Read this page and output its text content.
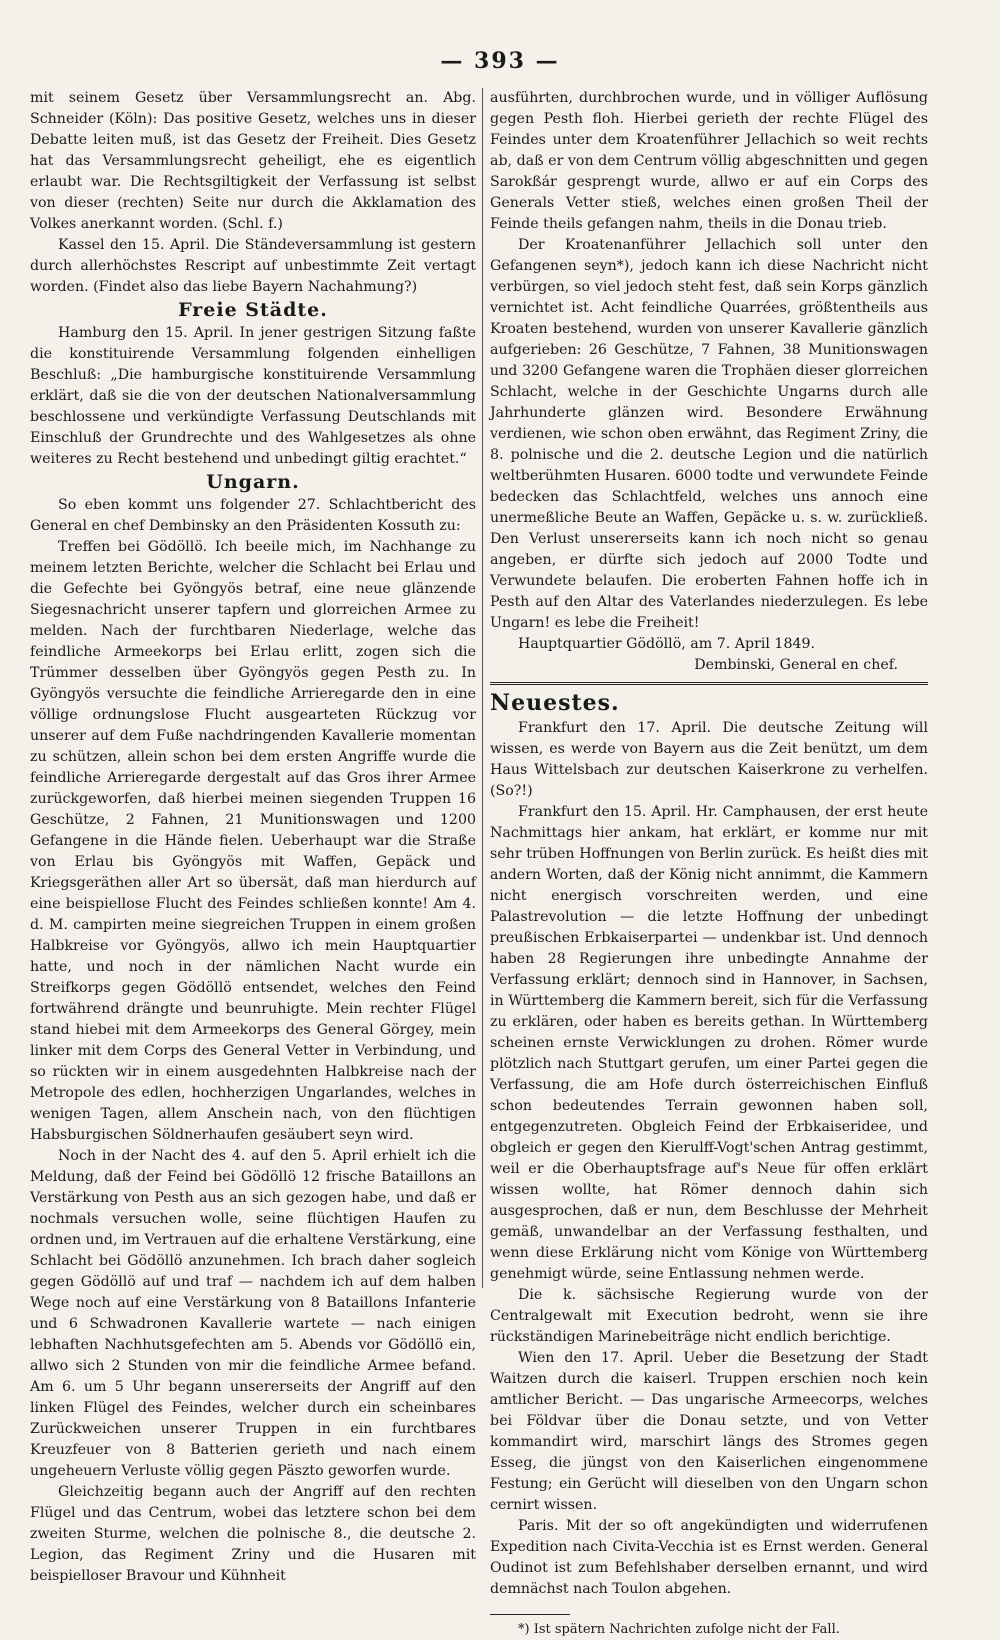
— 393 —

mit seinem Gesetz über Versammlungsrecht an. Abg. Schneider (Köln): Das positive Gesetz, welches uns in dieser Debatte leiten muß, ist das Gesetz der Freiheit. Dies Gesetz hat das Versammlungsrecht geheiligt, ehe es eigentlich erlaubt war. Die Rechtsgiltigkeit der Verfassung ist selbst von dieser (rechten) Seite nur durch die Akklamation des Volkes anerkannt worden. (Schl. f.)

Kassel den 15. April. Die Ständeversammlung ist gestern durch allerhöchstes Rescript auf unbestimmte Zeit vertagt worden. (Findet also das liebe Bayern Nachahmung?)

Freie Städte.

Hamburg den 15. April. In jener gestrigen Sitzung faßte die konstituirende Versammlung folgenden einhelligen Beschluß: „Die hamburgische konstituirende Versammlung erklärt, daß sie die von der deutschen Nationalversammlung beschlossene und verkündigte Verfassung Deutschlands mit Einschluß der Grundrechte und des Wahlgesetzes als ohne weiteres zu Recht bestehend und unbedingt giltig erachtet.“

Ungarn.

So eben kommt uns folgender 27. Schlachtbericht des General en chef Dembinsky an den Präsidenten Kossuth zu:

Treffen bei Gödöllö. Ich beeile mich, im Nachhange zu meinem letzten Berichte, welcher die Schlacht bei Erlau und die Gefechte bei Gyöngyös betraf, eine neue glänzende Siegesnachricht unserer tapfern und glorreichen Armee zu melden. Nach der furchtbaren Niederlage, welche das feindliche Armeekorps bei Erlau erlitt, zogen sich die Trümmer desselben über Gyöngyös gegen Pesth zu. In Gyöngyös versuchte die feindliche Arrieregarde den in eine völlige ordnungslose Flucht ausgearteten Rückzug vor unserer auf dem Fuße nachdringenden Kavallerie momentan zu schützen, allein schon bei dem ersten Angriffe wurde die feindliche Arrieregarde dergestalt auf das Gros ihrer Armee zurückgeworfen, daß hierbei meinen siegenden Truppen 16 Geschütze, 2 Fahnen, 21 Munitionswagen und 1200 Gefangene in die Hände fielen. Ueberhaupt war die Straße von Erlau bis Gyöngyös mit Waffen, Gepäck und Kriegsgeräthen aller Art so übersät, daß man hierdurch auf eine beispiellose Flucht des Feindes schließen konnte! Am 4. d. M. campirten meine siegreichen Truppen in einem großen Halbkreise vor Gyöngyös, allwo ich mein Hauptquartier hatte, und noch in der nämlichen Nacht wurde ein Streifkorps gegen Gödöllö entsendet, welches den Feind fortwährend drängte und beunruhigte. Mein rechter Flügel stand hiebei mit dem Armeekorps des General Görgey, mein linker mit dem Corps des General Vetter in Verbindung, und so rückten wir in einem ausgedehnten Halbkreise nach der Metropole des edlen, hochherzigen Ungarlandes, welches in wenigen Tagen, allem Anschein nach, von den flüchtigen Habsburgischen Söldnerhaufen gesäubert seyn wird.

Noch in der Nacht des 4. auf den 5. April erhielt ich die Meldung, daß der Feind bei Gödöllö 12 frische Bataillons an Verstärkung von Pesth aus an sich gezogen habe, und daß er nochmals versuchen wolle, seine flüchtigen Haufen zu ordnen und, im Vertrauen auf die erhaltene Verstärkung, eine Schlacht bei Gödöllö anzunehmen. Ich brach daher sogleich gegen Gödöllö auf und traf — nachdem ich auf dem halben Wege noch auf eine Verstärkung von 8 Bataillons Infanterie und 6 Schwadronen Kavallerie wartete — nach einigen lebhaften Nachhutsgefechten am 5. Abends vor Gödöllö ein, allwo sich 2 Stunden von mir die feindliche Armee befand. Am 6. um 5 Uhr begann unsererseits der Angriff auf den linken Flügel des Feindes, welcher durch ein scheinbares Zurückweichen unserer Truppen in ein furchtbares Kreuzfeuer von 8 Batterien gerieth und nach einem ungeheuern Verluste völlig gegen Päszto geworfen wurde.

Gleichzeitig begann auch der Angriff auf den rechten Flügel und das Centrum, wobei das letztere schon bei dem zweiten Sturme, welchen die polnische 8., die deutsche 2. Legion, das Regiment Zriny und die Husaren mit beispielloser Bravour und Kühnheit

ausführten, durchbrochen wurde, und in völliger Auflösung gegen Pesth floh. Hierbei gerieth der rechte Flügel des Feindes unter dem Kroatenführer Jellachich so weit rechts ab, daß er von dem Centrum völlig abgeschnitten und gegen Sarokßár gesprengt wurde, allwo er auf ein Corps des Generals Vetter stieß, welches einen großen Theil der Feinde theils gefangen nahm, theils in die Donau trieb.

Der Kroatenanführer Jellachich soll unter den Gefangenen seyn*), jedoch kann ich diese Nachricht nicht verbürgen, so viel jedoch steht fest, daß sein Korps gänzlich vernichtet ist. Acht feindliche Quarrées, größtentheils aus Kroaten bestehend, wurden von unserer Kavallerie gänzlich aufgerieben: 26 Geschütze, 7 Fahnen, 38 Munitionswagen und 3200 Gefangene waren die Trophäen dieser glorreichen Schlacht, welche in der Geschichte Ungarns durch alle Jahrhunderte glänzen wird. Besondere Erwähnung verdienen, wie schon oben erwähnt, das Regiment Zriny, die 8. polnische und die 2. deutsche Legion und die natürlich weltberühmten Husaren. 6000 todte und verwundete Feinde bedecken das Schlachtfeld, welches uns annoch eine unermeßliche Beute an Waffen, Gepäcke u. s. w. zurückließ. Den Verlust unsererseits kann ich noch nicht so genau angeben, er dürfte sich jedoch auf 2000 Todte und Verwundete belaufen. Die eroberten Fahnen hoffe ich in Pesth auf den Altar des Vaterlandes niederzulegen. Es lebe Ungarn! es lebe die Freiheit!

Hauptquartier Gödöllö, am 7. April 1849.

Dembinski, General en chef.
Neuestes.

Frankfurt den 17. April. Die deutsche Zeitung will wissen, es werde von Bayern aus die Zeit benützt, um dem Haus Wittelsbach zur deutschen Kaiserkrone zu verhelfen. (So?!)

Frankfurt den 15. April. Hr. Camphausen, der erst heute Nachmittags hier ankam, hat erklärt, er komme nur mit sehr trüben Hoffnungen von Berlin zurück. Es heißt dies mit andern Worten, daß der König nicht annimmt, die Kammern nicht energisch vorschreiten werden, und eine Palastrevolution — die letzte Hoffnung der unbedingt preußischen Erbkaiserpartei — undenkbar ist. Und dennoch haben 28 Regierungen ihre unbedingte Annahme der Verfassung erklärt; dennoch sind in Hannover, in Sachsen, in Württemberg die Kammern bereit, sich für die Verfassung zu erklären, oder haben es bereits gethan. In Württemberg scheinen ernste Verwicklungen zu drohen. Römer wurde plötzlich nach Stuttgart gerufen, um einer Partei gegen die Verfassung, die am Hofe durch österreichischen Einfluß schon bedeutendes Terrain gewonnen haben soll, entgegenzutreten. Obgleich Feind der Erbkaiseridee, und obgleich er gegen den Kierulff-Vogt'schen Antrag gestimmt, weil er die Oberhauptsfrage auf's Neue für offen erklärt wissen wollte, hat Römer dennoch dahin sich ausgesprochen, daß er nun, dem Beschlusse der Mehrheit gemäß, unwandelbar an der Verfassung festhalten, und wenn diese Erklärung nicht vom Könige von Württemberg genehmigt würde, seine Entlassung nehmen werde.

Die k. sächsische Regierung wurde von der Centralgewalt mit Execution bedroht, wenn sie ihre rückständigen Marinebeiträge nicht endlich berichtige.

Wien den 17. April. Ueber die Besetzung der Stadt Waitzen durch die kaiserl. Truppen erschien noch kein amtlicher Bericht. — Das ungarische Armeecorps, welches bei Földvar über die Donau setzte, und von Vetter kommandirt wird, marschirt längs des Stromes gegen Esseg, die jüngst von den Kaiserlichen eingenommene Festung; ein Gerücht will dieselben von den Ungarn schon cernirt wissen.

Paris. Mit der so oft angekündigten und widerrufenen Expedition nach Civita-Vecchia ist es Ernst werden. General Oudinot ist zum Befehlshaber derselben ernannt, und wird demnächst nach Toulon abgehen.

*) Ist spätern Nachrichten zufolge nicht der Fall.
